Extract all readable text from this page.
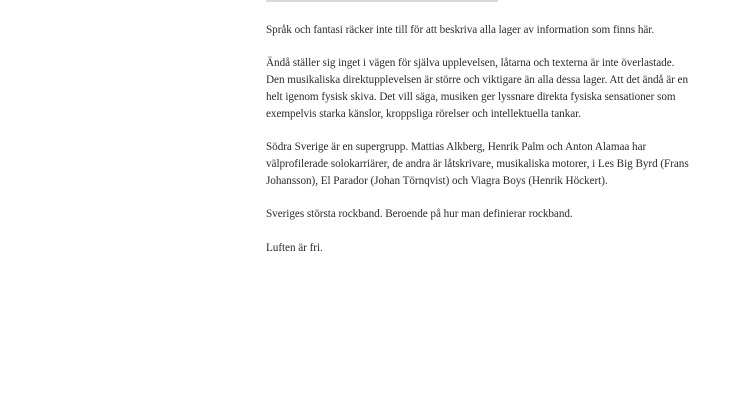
Språk och fantasi räcker inte till för att beskriva alla lager av information som finns här.

Ändå ställer sig inget i vägen för själva upplevelsen, låtarna och texterna är inte överlastade. Den musikaliska direktupplevelsen är större och viktigare än alla dessa lager. Att det ändå är en helt igenom fysisk skiva. Det vill säga, musiken ger lyssnare direkta fysiska sensationer som exempelvis starka känslor, kroppsliga rörelser och intellektuella tankar.

Södra Sverige är en supergrupp. Mattias Alkberg, Henrik Palm och Anton Alamaa har välprofilerade solokarriärer, de andra är låtskrivare, musikaliska motorer, i Les Big Byrd (Frans Johansson), El Parador (Johan Törnqvist) och Viagra Boys (Henrik Höckert).

Sveriges största rockband. Beroende på hur man definierar rockband.

Luften är fri.
